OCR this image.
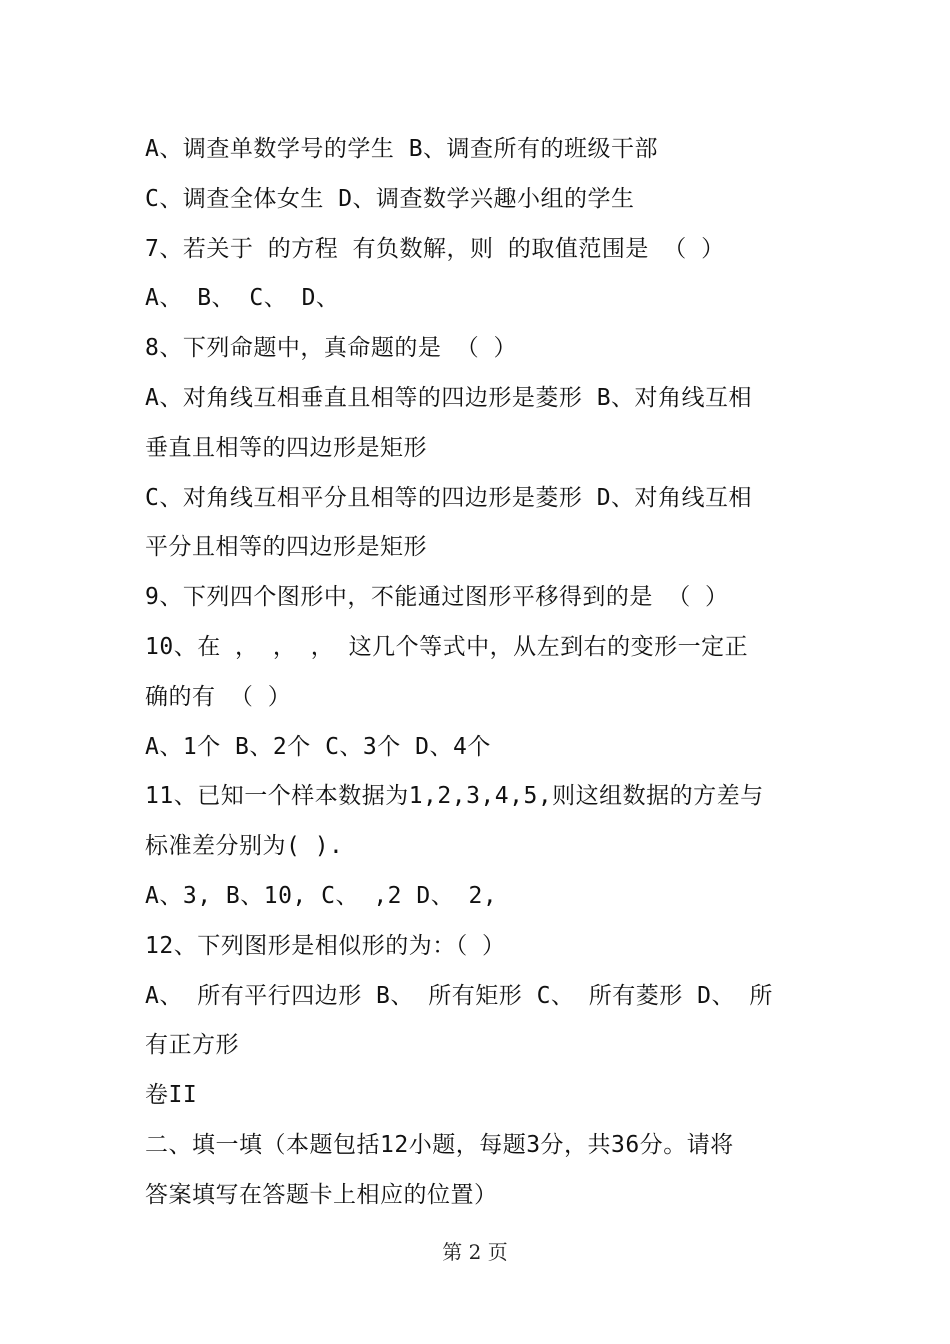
A、调查单数学号的学生 B、调查所有的班级干部
C、调查全体女生 D、调查数学兴趣小组的学生
7、若关于 的方程 有负数解，则 的取值范围是 （ ）
A、 B、 C、 D、
8、下列命题中，真命题的是 （ ）
A、对角线互相垂直且相等的四边形是菱形 B、对角线互相
垂直且相等的四边形是矩形
C、对角线互相平分且相等的四边形是菱形 D、对角线互相
平分且相等的四边形是矩形
9、下列四个图形中，不能通过图形平移得到的是 （ ）
10、在 ， ， ， 这几个等式中，从左到右的变形一定正
确的有 （ ）
A、1个 B、2个 C、3个 D、4个
11、已知一个样本数据为1,2,3,4,5,则这组数据的方差与
标准差分别为( ).
A、3, B、10, C、 ,2 D、 2,
12、下列图形是相似形的为：（ ）
A、 所有平行四边形 B、 所有矩形 C、 所有菱形 D、 所
有正方形
卷II
二、填一填（本题包括12小题，每题3分，共36分。请将
答案填写在答题卡上相应的位置）
第 2 页
